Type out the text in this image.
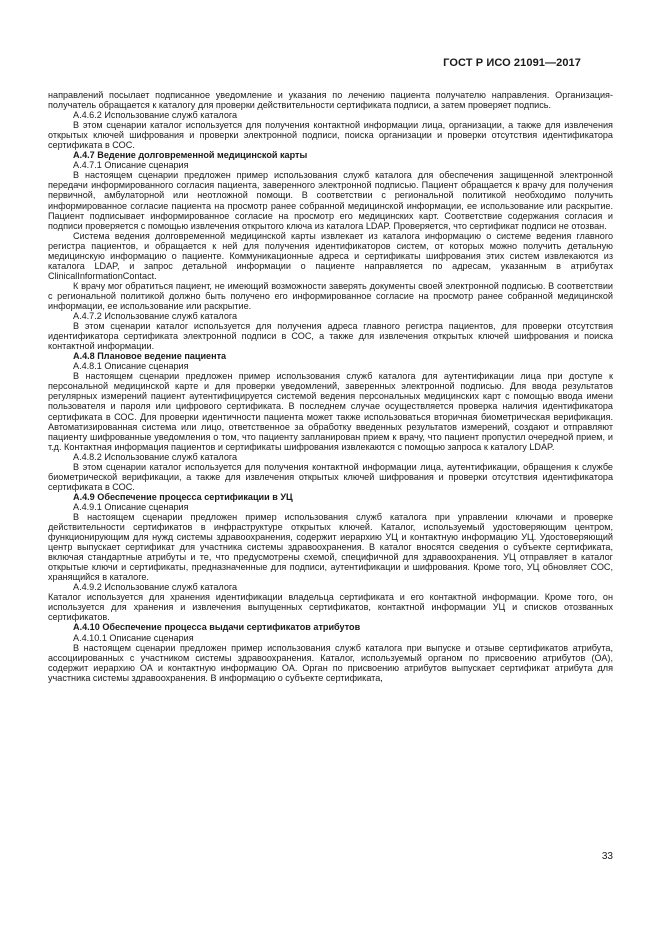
ГОСТ Р ИСО 21091—2017

направлений посылает подписанное уведомление и указания по лечению пациента получателю направления. Организация-получатель обращается к каталогу для проверки действительности сертификата подписи, а затем проверяет подпись.

А.4.6.2 Использование служб каталога

В этом сценарии каталог используется для получения контактной информации лица, организации, а также для извлечения открытых ключей шифрования и проверки электронной подписи, поиска организации и проверки отсутствия идентификатора сертификата в СОС.

А.4.7 Ведение долговременной медицинской карты

А.4.7.1 Описание сценария

В настоящем сценарии предложен пример использования служб каталога для обеспечения защищенной электронной передачи информированного согласия пациента, заверенного электронной подписью. Пациент обращается к врачу для получения первичной, амбулаторной или неотложной помощи. В соответствии с региональной политикой необходимо получить информированное согласие пациента на просмотр ранее собранной медицинской информации, ее использование или раскрытие. Пациент подписывает информированное согласие на просмотр его медицинских карт. Соответствие содержания согласия и подписи проверяется с помощью извлечения открытого ключа из каталога LDAP. Проверяется, что сертификат подписи не отозван.

Система ведения долговременной медицинской карты извлекает из каталога информацию о системе ведения главного регистра пациентов, и обращается к ней для получения идентификаторов систем, от которых можно получить детальную медицинскую информацию о пациенте. Коммуникационные адреса и сертификаты шифрования этих систем извлекаются из каталога LDAP, и запрос детальной информации о пациенте направляется по адресам, указанным в атрибутах ClinicalInformationContact.

К врачу мог обратиться пациент, не имеющий возможности заверять документы своей электронной подписью. В соответствии с региональной политикой должно быть получено его информированное согласие на просмотр ранее собранной медицинской информации, ее использование или раскрытие.

А.4.7.2 Использование служб каталога

В этом сценарии каталог используется для получения адреса главного регистра пациентов, для проверки отсутствия идентификатора сертификата электронной подписи в СОС, а также для извлечения открытых ключей шифрования и поиска контактной информации.

А.4.8 Плановое ведение пациента

А.4.8.1 Описание сценария

В настоящем сценарии предложен пример использования служб каталога для аутентификации лица при доступе к персональной медицинской карте и для проверки уведомлений, заверенных электронной подписью. Для ввода результатов регулярных измерений пациент аутентифицируется системой ведения персональных медицинских карт с помощью ввода имени пользователя и пароля или цифрового сертификата. В последнем случае осуществляется проверка наличия идентификатора сертификата в СОС. Для проверки идентичности пациента может также использоваться вторичная биометрическая верификация. Автоматизированная система или лицо, ответственное за обработку введенных результатов измерений, создают и отправляют пациенту шифрованные уведомления о том, что пациенту запланирован прием к врачу, что пациент пропустил очередной прием, и т.д. Контактная информация пациентов и сертификаты шифрования извлекаются с помощью запроса к каталогу LDAP.

А.4.8.2 Использование служб каталога

В этом сценарии каталог используется для получения контактной информации лица, аутентификации, обращения к службе биометрической верификации, а также для извлечения открытых ключей шифрования и проверки отсутствия идентификатора сертификата в СОС.

А.4.9 Обеспечение процесса сертификации в УЦ

А.4.9.1 Описание сценария

В настоящем сценарии предложен пример использования служб каталога при управлении ключами и проверке действительности сертификатов в инфраструктуре открытых ключей. Каталог, используемый удостоверяющим центром, функционирующим для нужд системы здравоохранения, содержит иерархию УЦ и контактную информацию УЦ. Удостоверяющий центр выпускает сертификат для участника системы здравоохранения. В каталог вносятся сведения о субъекте сертификата, включая стандартные атрибуты и те, что предусмотрены схемой, специфичной для здравоохранения. УЦ отправляет в каталог открытые ключи и сертификаты, предназначенные для подписи, аутентификации и шифрования. Кроме того, УЦ обновляет СОС, хранящийся в каталоге.

А.4.9.2 Использование служб каталога

Каталог используется для хранения идентификации владельца сертификата и его контактной информации. Кроме того, он используется для хранения и извлечения выпущенных сертификатов, контактной информации УЦ и списков отозванных сертификатов.

А.4.10 Обеспечение процесса выдачи сертификатов атрибутов

А.4.10.1 Описание сценария

В настоящем сценарии предложен пример использования служб каталога при выпуске и отзыве сертификатов атрибута, ассоциированных с участником системы здравоохранения. Каталог, используемый органом по присвоению атрибутов (ОА), содержит иерархию ОА и контактную информацию ОА. Орган по присвоению атрибутов выпускает сертификат атрибута для участника системы здравоохранения. В информацию о субъекте сертификата,

33
